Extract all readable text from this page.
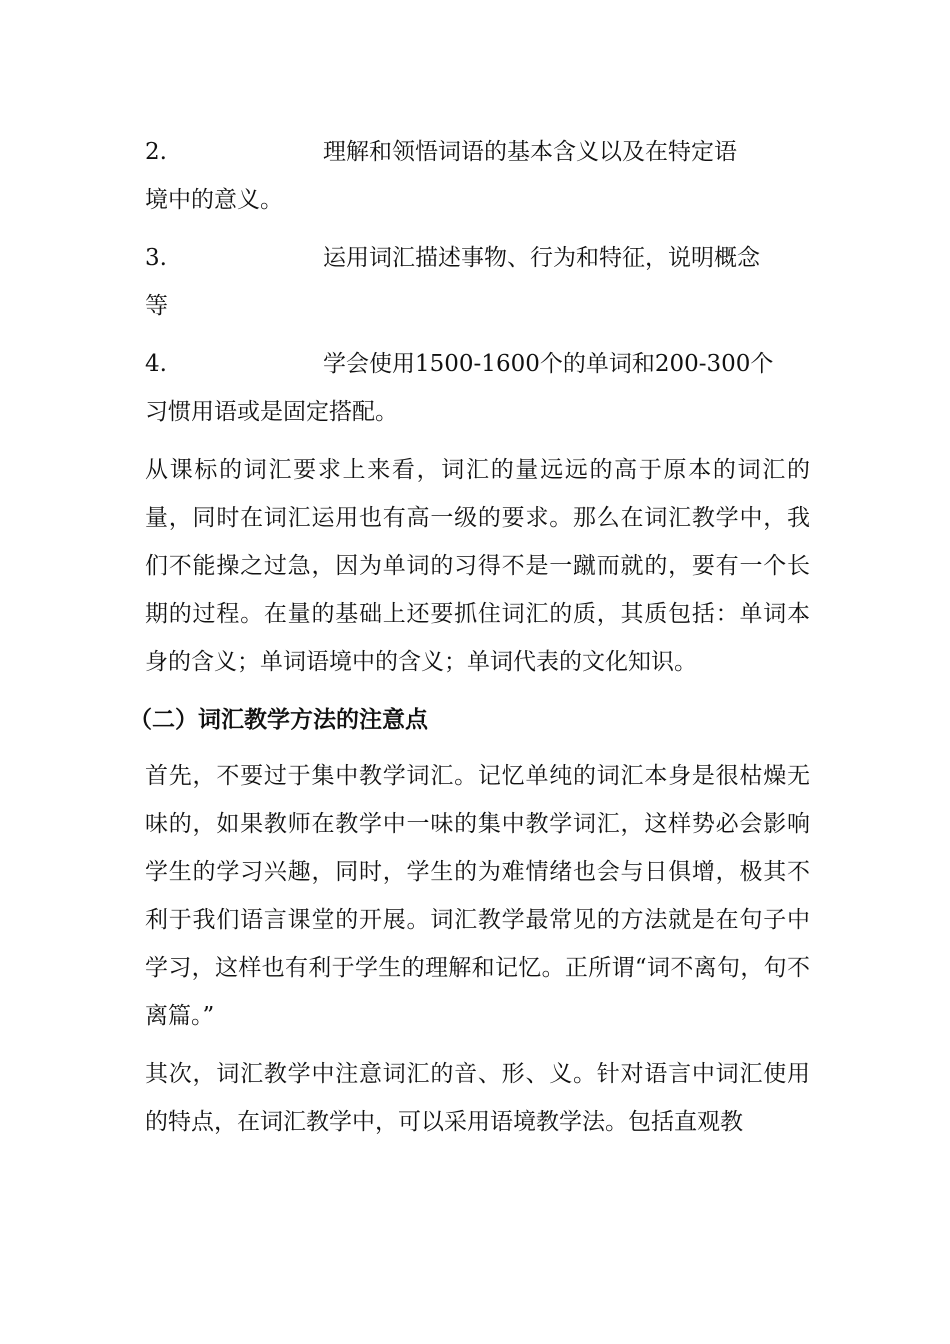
2.	理解和领悟词语的基本含义以及在特定语
境中的意义。
3.	运用词汇描述事物、行为和特征，说明概念
等
4.	学会使用1500-1600个的单词和200-300个
习惯用语或是固定搭配。

从课标的词汇要求上来看，词汇的量远远的高于原本的词汇的量，同时在词汇运用也有高一级的要求。那么在词汇教学中，我们不能操之过急，因为单词的习得不是一蹴而就的，要有一个长期的过程。在量的基础上还要抓住词汇的质，其质包括：单词本身的含义；单词语境中的含义；单词代表的文化知识。

（二）词汇教学方法的注意点

首先，不要过于集中教学词汇。记忆单纯的词汇本身是很枯燥无味的，如果教师在教学中一味的集中教学词汇，这样势必会影响学生的学习兴趣，同时，学生的为难情绪也会与日俱增，极其不利于我们语言课堂的开展。词汇教学最常见的方法就是在句子中学习，这样也有利于学生的理解和记忆。正所谓“词不离句，句不离篇。”

其次，词汇教学中注意词汇的音、形、义。针对语言中词汇使用的特点，在词汇教学中，可以采用语境教学法。包括直观教
